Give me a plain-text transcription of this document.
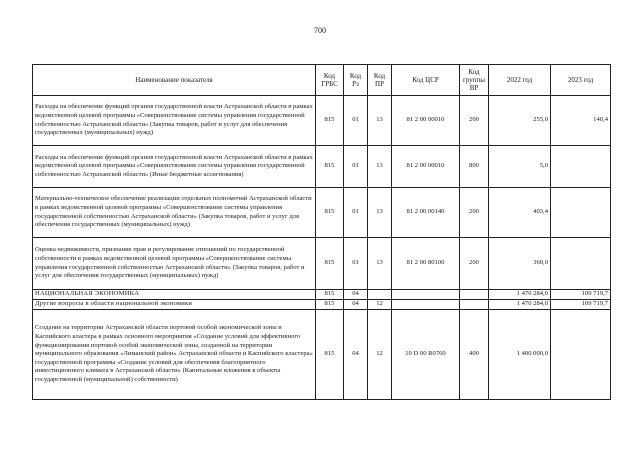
700
Наименование показателя	Код ГРБС	Код Рз	Код ПР	Код ЦСР	Код группы ВР	2022 год	2023 год
Расходы на обеспечение функций органов государственной власти Астраханской области в рамках ведомственной целевой программы «Совершенствование системы управления государственной собственностью Астраханской области» (Закупка товаров, работ и услуг для обеспечения государственных (муниципальных) нужд)	815	01	13	81 2 00 00010	200	255,0	140,4
Расходы на обеспечение функций органов государственной власти Астраханской области в рамках ведомственной целевой программы «Совершенствование системы управления государственной собственностью Астраханской области» (Иные бюджетные ассигнования)	815	01	13	81 2 00 00010	800	5,0	
Материально-техническое обеспечение реализации отдельных полномочий Астраханской области в рамках ведомственной целевой программы «Совершенствование системы управления государственной собственностью Астраханской области» (Закупка товаров, работ и услуг для обеспечения государственных (муниципальных) нужд)	815	01	13	81 2 00 00140	200	403,4	
Оценка недвижимости, признание прав и регулирование отношений по государственной собственности в рамках ведомственной целевой программы «Совершенствование системы управления государственной собственностью Астраханской области» (Закупка товаров, работ и услуг для обеспечения государственных (муниципальных) нужд)	815	01	13	81 2 00 80100	200	360,0	
НАЦИОНАЛЬНАЯ ЭКОНОМИКА	815	04				1 470 284,0	109 719,7
Другие вопросы в области национальной экономики	815	04	12			1 470 284,0	109 719,7
Создание на территории Астраханской области портовой особой экономической зоны и Каспийского кластера в рамках основного мероприятия «Создание условий для эффективного функционирования портовой особой экономической зоны, созданной на территории муниципального образования «Лиманский район» Астраханской области и Каспийского кластера» государственной программы «Создание условий для обеспечения благоприятного инвестиционного климата в Астраханской области» (Капитальные вложения в объекты государственной (муниципальной) собственности)	815	04	12	19 D 00 R0760	400	1 400 000,0	
